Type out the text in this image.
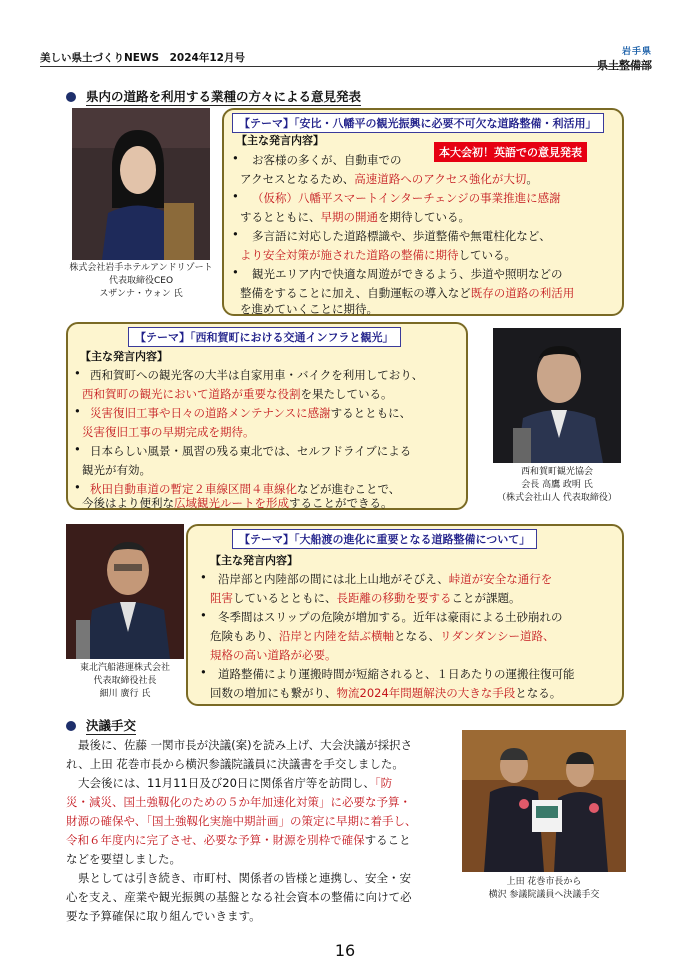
美しい県土づくりNEWS　2024年12月号	岩手県
県土整備部
県内の道路を利用する業種の方々による意見発表
株式会社岩手ホテルアンドリゾート
代表取締役CEO
スザンナ・ウォン 氏
【テーマ】「安比・八幡平の観光振興に必要不可欠な道路整備・利活用」
【主な発言内容】
本大会初！英語での意見発表
• お客様の多くが、自動車での
アクセスとなるため、高速道路へのアクセス強化が大切。
• （仮称）八幡平スマートインターチェンジの事業推進に感謝
するとともに、早期の開通を期待している。
• 多言語に対応した道路標識や、歩道整備や無電柱化など、
より安全対策が施された道路の整備に期待している。
• 観光エリア内で快適な周遊ができるよう、歩道や照明などの
整備をすることに加え、自動運転の導入など既存の道路の利活用
を進めていくことに期待。
【テーマ】「西和賀町における交通インフラと観光」
【主な発言内容】
• 西和賀町への観光客の大半は自家用車・バイクを利用しており、
西和賀町の観光において道路が重要な役割を果たしている。
• 災害復旧工事や日々の道路メンテナンスに感謝するとともに、
災害復旧工事の早期完成を期待。
• 日本らしい風景・風習の残る東北では、セルフドライブによる
観光が有効。
• 秋田自動車道の暫定２車線区間４車線化などが進むことで、
今後はより便利な広域観光ルートを形成することができる。
西和賀町観光協会
会長 高鷹 政明 氏
（株式会社山人 代表取締役）
東北汽船港運株式会社
代表取締役社長
細川 廣行 氏
【テーマ】「大船渡の進化に重要となる道路整備について」
【主な発言内容】
• 沿岸部と内陸部の間には北上山地がそびえ、峠道が安全な通行を
阻害しているとともに、長距離の移動を要することが課題。
• 冬季間はスリップの危険が増加する。近年は豪雨による土砂崩れの
危険もあり、沿岸と内陸を結ぶ横軸となる、リダンダンシー道路、
規格の高い道路が必要。
• 道路整備により運搬時間が短縮されると、１日あたりの運搬往復可能
回数の増加にも繋がり、物流2024年問題解決の大きな手段となる。
決議手交
最後に、佐藤 一関市長が決議(案)を読み上げ、大会決議が採択さ
れ、上田 花巻市長から横沢参議院議員に決議書を手交しました。
大会後には、11月11日及び20日に関係省庁等を訪問し、「防
災・減災、国土強靱化のための５か年加速化対策」に必要な予算・
財源の確保や、「国土強靱化実施中期計画」の策定に早期に着手し、
令和６年度内に完了させ、必要な予算・財源を別枠で確保すること
などを要望しました。
県としては引き続き、市町村、関係者の皆様と連携し、安全・安
心を支え、産業や観光振興の基盤となる社会資本の整備に向けて必
要な予算確保に取り組んでいきます。
上田 花巻市長から
横沢 参議院議員へ決議手交
16
